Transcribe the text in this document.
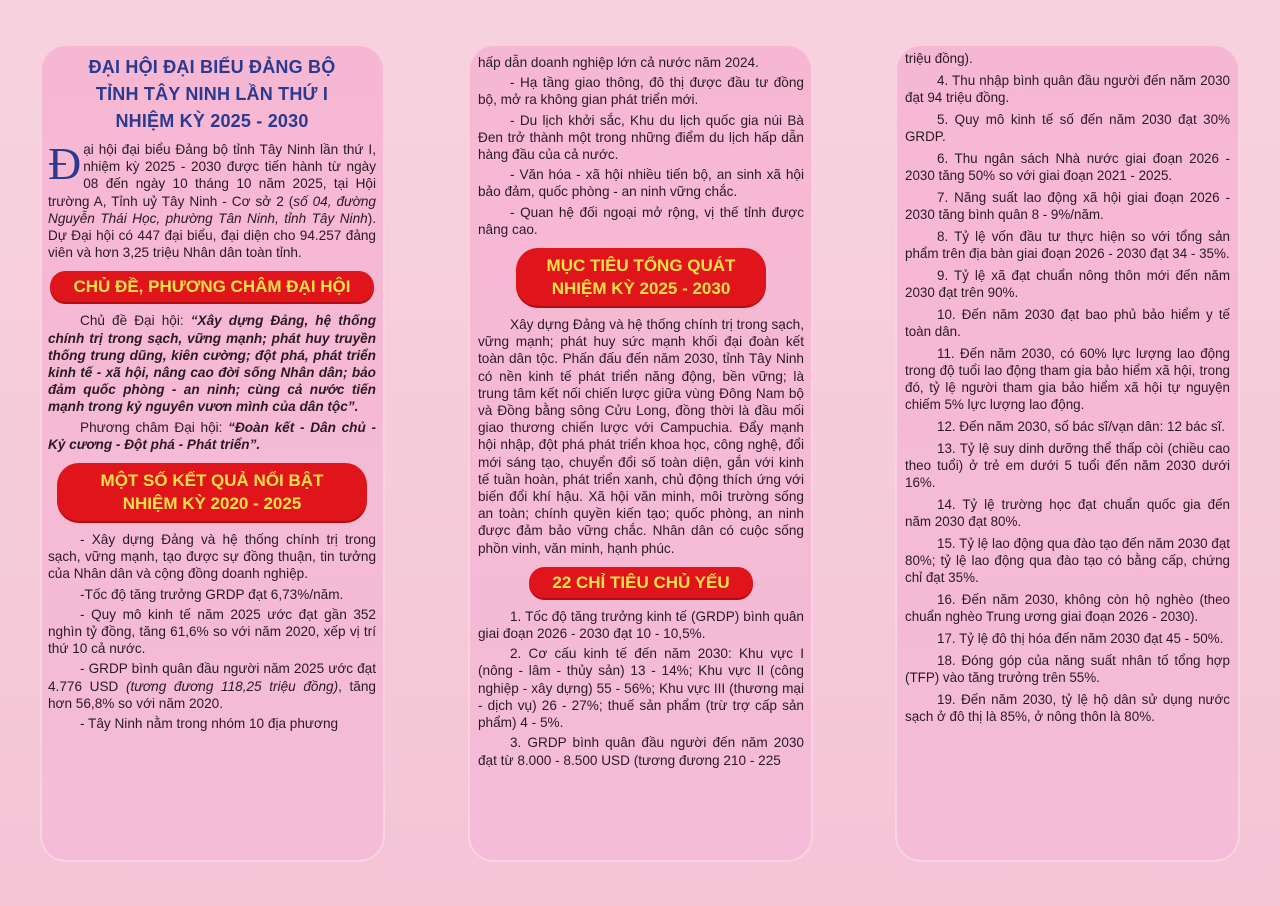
ĐẠI HỘI ĐẠI BIỂU ĐẢNG BỘ
TỈNH TÂY NINH LẦN THỨ I
NHIỆM KỲ 2025 - 2030

Đại hội đại biểu Đảng bộ tỉnh Tây Ninh lần thứ I, nhiệm kỳ 2025 - 2030 được tiến hành từ ngày 08 đến ngày 10 tháng 10 năm 2025, tại Hội trường A, Tỉnh uỷ Tây Ninh - Cơ sở 2 (số 04, đường Nguyễn Thái Học, phường Tân Ninh, tỉnh Tây Ninh). Dự Đại hội có 447 đại biểu, đại diện cho 94.257 đảng viên và hơn 3,25 triệu Nhân dân toàn tỉnh.

CHỦ ĐỀ, PHƯƠNG CHÂM ĐẠI HỘI

Chủ đề Đại hội: “Xây dựng Đảng, hệ thống chính trị trong sạch, vững mạnh; phát huy truyền thống trung dũng, kiên cường; đột phá, phát triển kinh tế - xã hội, nâng cao đời sống Nhân dân; bảo đảm quốc phòng - an ninh; cùng cả nước tiến mạnh trong kỷ nguyên vươn mình của dân tộc”.

Phương châm Đại hội: “Đoàn kết - Dân chủ - Kỷ cương - Đột phá - Phát triển”.

MỘT SỐ KẾT QUẢ NỔI BẬT
NHIỆM KỲ 2020 - 2025

- Xây dựng Đảng và hệ thống chính trị trong sạch, vững mạnh, tạo được sự đồng thuận, tin tưởng của Nhân dân và cộng đồng doanh nghiệp.

-Tốc độ tăng trưởng GRDP đạt 6,73%/năm.

- Quy mô kinh tế năm 2025 ước đạt gần 352 nghìn tỷ đồng, tăng 61,6% so với năm 2020, xếp vị trí thứ 10 cả nước.

- GRDP bình quân đầu người năm 2025 ước đạt 4.776 USD (tương đương 118,25 triệu đồng), tăng hơn 56,8% so với năm 2020.

- Tây Ninh nằm trong nhóm 10 địa phương

hấp dẫn doanh nghiệp lớn cả nước năm 2024.

- Hạ tầng giao thông, đô thị được đầu tư đồng bộ, mở ra không gian phát triển mới.

- Du lịch khởi sắc, Khu du lịch quốc gia núi Bà Đen trở thành một trong những điểm du lịch hấp dẫn hàng đầu của cả nước.

- Văn hóa - xã hội nhiều tiến bộ, an sinh xã hội bảo đảm, quốc phòng - an ninh vững chắc.

- Quan hệ đối ngoại mở rộng, vị thế tỉnh được nâng cao.

MỤC TIÊU TỔNG QUÁT
NHIỆM KỲ 2025 - 2030

Xây dựng Đảng và hệ thống chính trị trong sạch, vững mạnh; phát huy sức mạnh khối đại đoàn kết toàn dân tộc. Phấn đấu đến năm 2030, tỉnh Tây Ninh có nền kinh tế phát triển năng động, bền vững; là trung tâm kết nối chiến lược giữa vùng Đông Nam bộ và Đồng bằng sông Cửu Long, đồng thời là đầu mối giao thương chiến lược với Campuchia. Đẩy mạnh hội nhập, đột phá phát triển khoa học, công nghệ, đổi mới sáng tạo, chuyển đổi số toàn diện, gắn với kinh tế tuần hoàn, phát triển xanh, chủ động thích ứng với biến đổi khí hậu. Xã hội văn minh, môi trường sống an toàn; chính quyền kiến tạo; quốc phòng, an ninh được đảm bảo vững chắc. Nhân dân có cuộc sống phồn vinh, văn minh, hạnh phúc.

22 CHỈ TIÊU CHỦ YẾU

1. Tốc độ tăng trưởng kinh tế (GRDP) bình quân giai đoạn 2026 - 2030 đạt 10 - 10,5%.

2. Cơ cấu kinh tế đến năm 2030: Khu vực I (nông - lâm - thủy sản) 13 - 14%; Khu vực II (công nghiệp - xây dựng) 55 - 56%; Khu vực III (thương mại - dịch vụ) 26 - 27%; thuế sản phẩm (trừ trợ cấp sản phẩm) 4 - 5%.

3. GRDP bình quân đầu người đến năm 2030 đạt từ 8.000 - 8.500 USD (tương đương 210 - 225

triệu đồng).

4. Thu nhập bình quân đầu người đến năm 2030 đạt 94 triệu đồng.

5. Quy mô kinh tế số đến năm 2030 đạt 30% GRDP.

6. Thu ngân sách Nhà nước giai đoạn 2026 - 2030 tăng 50% so với giai đoạn 2021 - 2025.

7. Năng suất lao động xã hội giai đoạn 2026 - 2030 tăng bình quân 8 - 9%/năm.

8. Tỷ lệ vốn đầu tư thực hiện so với tổng sản phẩm trên địa bàn giai đoạn 2026 - 2030 đạt 34 - 35%.

9. Tỷ lệ xã đạt chuẩn nông thôn mới đến năm 2030 đạt trên 90%.

10. Đến năm 2030 đạt bao phủ bảo hiểm y tế toàn dân.

11. Đến năm 2030, có 60% lực lượng lao động trong độ tuổi lao động tham gia bảo hiểm xã hội, trong đó, tỷ lệ người tham gia bảo hiểm xã hội tự nguyện chiếm 5% lực lượng lao động.

12. Đến năm 2030, số bác sĩ/vạn dân: 12 bác sĩ.

13. Tỷ lệ suy dinh dưỡng thể thấp còi (chiều cao theo tuổi) ở trẻ em dưới 5 tuổi đến năm 2030 dưới 16%.

14. Tỷ lệ trường học đạt chuẩn quốc gia đến năm 2030 đạt 80%.

15. Tỷ lệ lao động qua đào tạo đến năm 2030 đạt 80%; tỷ lệ lao động qua đào tạo có bằng cấp, chứng chỉ đạt 35%.

16. Đến năm 2030, không còn hộ nghèo (theo chuẩn nghèo Trung ương giai đoạn 2026 - 2030).

17. Tỷ lệ đô thị hóa đến năm 2030 đạt 45 - 50%.

18. Đóng góp của năng suất nhân tố tổng hợp (TFP) vào tăng trưởng trên 55%.

19. Đến năm 2030, tỷ lệ hộ dân sử dụng nước sạch ở đô thị là 85%, ở nông thôn là 80%.
